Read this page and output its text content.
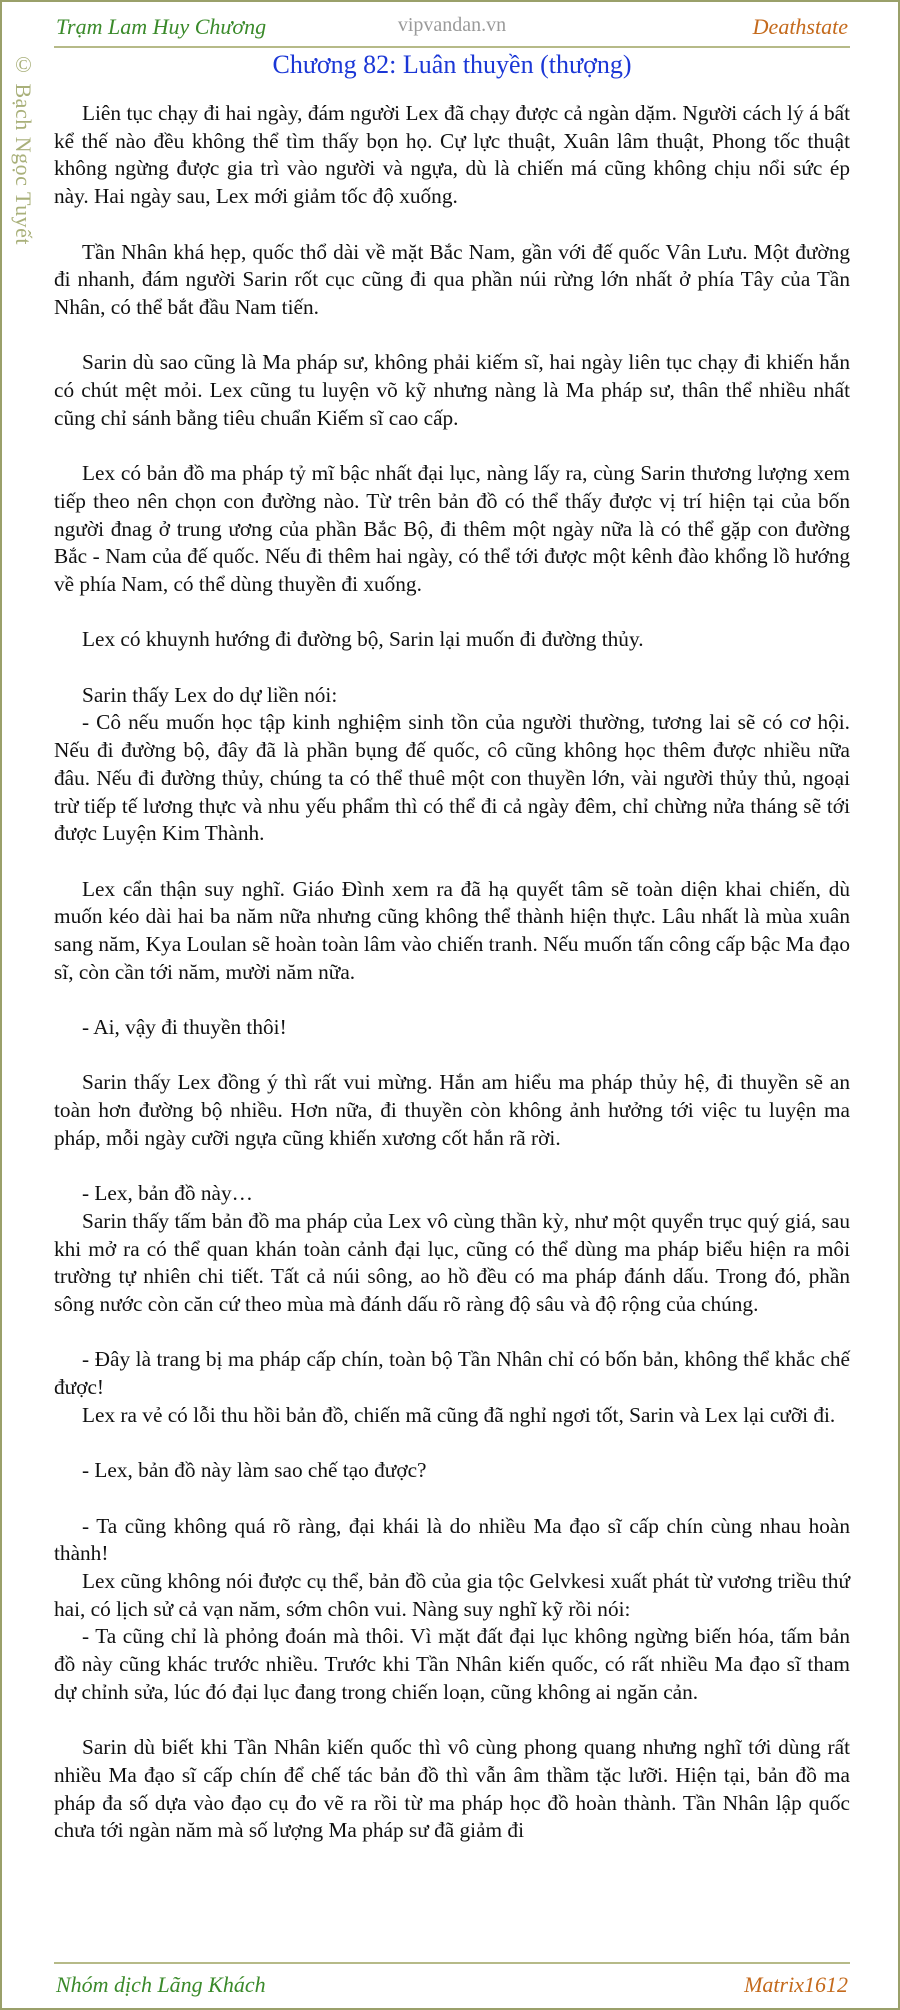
© Bạch Ngọc Tuyết
Trạm Lam Huy Chương	vipvandan.vn	Deathstate
Chương 82: Luân thuyền (thượng)

Liên tục chạy đi hai ngày, đám người Lex đã chạy được cả ngàn dặm. Người cách lý á bất kể thế nào đều không thể tìm thấy bọn họ. Cự lực thuật, Xuân lâm thuật, Phong tốc thuật không ngừng được gia trì vào người và ngựa, dù là chiến má cũng không chịu nổi sức ép này. Hai ngày sau, Lex mới giảm tốc độ xuống.

Tần Nhân khá hẹp, quốc thổ dài về mặt Bắc Nam, gần với đế quốc Vân Lưu. Một đường đi nhanh, đám người Sarin rốt cục cũng đi qua phần núi rừng lớn nhất ở phía Tây của Tần Nhân, có thể bắt đầu Nam tiến.

Sarin dù sao cũng là Ma pháp sư, không phải kiếm sĩ, hai ngày liên tục chạy đi khiến hắn có chút mệt mỏi. Lex cũng tu luyện võ kỹ nhưng nàng là Ma pháp sư, thân thể nhiều nhất cũng chỉ sánh bằng tiêu chuẩn Kiếm sĩ cao cấp.

Lex có bản đồ ma pháp tỷ mĩ bậc nhất đại lục, nàng lấy ra, cùng Sarin thương lượng xem tiếp theo nên chọn con đường nào. Từ trên bản đồ có thể thấy được vị trí hiện tại của bốn người đnag ở trung ương của phần Bắc Bộ, đi thêm một ngày nữa là có thể gặp con đường Bắc - Nam của đế quốc. Nếu đi thêm hai ngày, có thể tới được một kênh đào khổng lồ hướng về phía Nam, có thể dùng thuyền đi xuống.

Lex có khuynh hướng đi đường bộ, Sarin lại muốn đi đường thủy.

Sarin thấy Lex do dự liền nói:

- Cô nếu muốn học tập kinh nghiệm sinh tồn của người thường, tương lai sẽ có cơ hội. Nếu đi đường bộ, đây đã là phần bụng đế quốc, cô cũng không học thêm được nhiều nữa đâu. Nếu đi đường thủy, chúng ta có thể thuê một con thuyền lớn, vài người thủy thủ, ngoại trừ tiếp tế lương thực và nhu yếu phẩm thì có thể đi cả ngày đêm, chỉ chừng nửa tháng sẽ tới được Luyện Kim Thành.

Lex cẩn thận suy nghĩ. Giáo Đình xem ra đã hạ quyết tâm sẽ toàn diện khai chiến, dù muốn kéo dài hai ba năm nữa nhưng cũng không thể thành hiện thực. Lâu nhất là mùa xuân sang năm, Kya Loulan sẽ hoàn toàn lâm vào chiến tranh. Nếu muốn tấn công cấp bậc Ma đạo sĩ, còn cần tới năm, mười năm nữa.

- Ai, vậy đi thuyền thôi!

Sarin thấy Lex đồng ý thì rất vui mừng. Hắn am hiểu ma pháp thủy hệ, đi thuyền sẽ an toàn hơn đường bộ nhiều. Hơn nữa, đi thuyền còn không ảnh hưởng tới việc tu luyện ma pháp, mỗi ngày cưỡi ngựa cũng khiến xương cốt hắn rã rời.

- Lex, bản đồ này…

Sarin thấy tấm bản đồ ma pháp của Lex vô cùng thần kỳ, như một quyển trục quý giá, sau khi mở ra có thể quan khán toàn cảnh đại lục, cũng có thể dùng ma pháp biểu hiện ra môi trường tự nhiên chi tiết. Tất cả núi sông, ao hồ đều có ma pháp đánh dấu. Trong đó, phần sông nước còn căn cứ theo mùa mà đánh dấu rõ ràng độ sâu và độ rộng của chúng.

- Đây là trang bị ma pháp cấp chín, toàn bộ Tần Nhân chỉ có bốn bản, không thể khắc chế được!

Lex ra vẻ có lỗi thu hồi bản đồ, chiến mã cũng đã nghỉ ngơi tốt, Sarin và Lex lại cưỡi đi.

- Lex, bản đồ này làm sao chế tạo được?

- Ta cũng không quá rõ ràng, đại khái là do nhiều Ma đạo sĩ cấp chín cùng nhau hoàn thành!

Lex cũng không nói được cụ thể, bản đồ của gia tộc Gelvkesi xuất phát từ vương triều thứ hai, có lịch sử cả vạn năm, sớm chôn vui. Nàng suy nghĩ kỹ rồi nói:

- Ta cũng chỉ là phỏng đoán mà thôi. Vì mặt đất đại lục không ngừng biến hóa, tấm bản đồ này cũng khác trước nhiều. Trước khi Tần Nhân kiến quốc, có rất nhiều Ma đạo sĩ tham dự chỉnh sửa, lúc đó đại lục đang trong chiến loạn, cũng không ai ngăn cản.

Sarin dù biết khi Tần Nhân kiến quốc thì vô cùng phong quang nhưng nghĩ tới dùng rất nhiều Ma đạo sĩ cấp chín để chế tác bản đồ thì vẫn âm thầm tặc lưỡi. Hiện tại, bản đồ ma pháp đa số dựa vào đạo cụ đo vẽ ra rồi từ ma pháp học đồ hoàn thành. Tần Nhân lập quốc chưa tới ngàn năm mà số lượng Ma pháp sư đã giảm đi

Nhóm dịch Lãng Khách	Matrix1612
